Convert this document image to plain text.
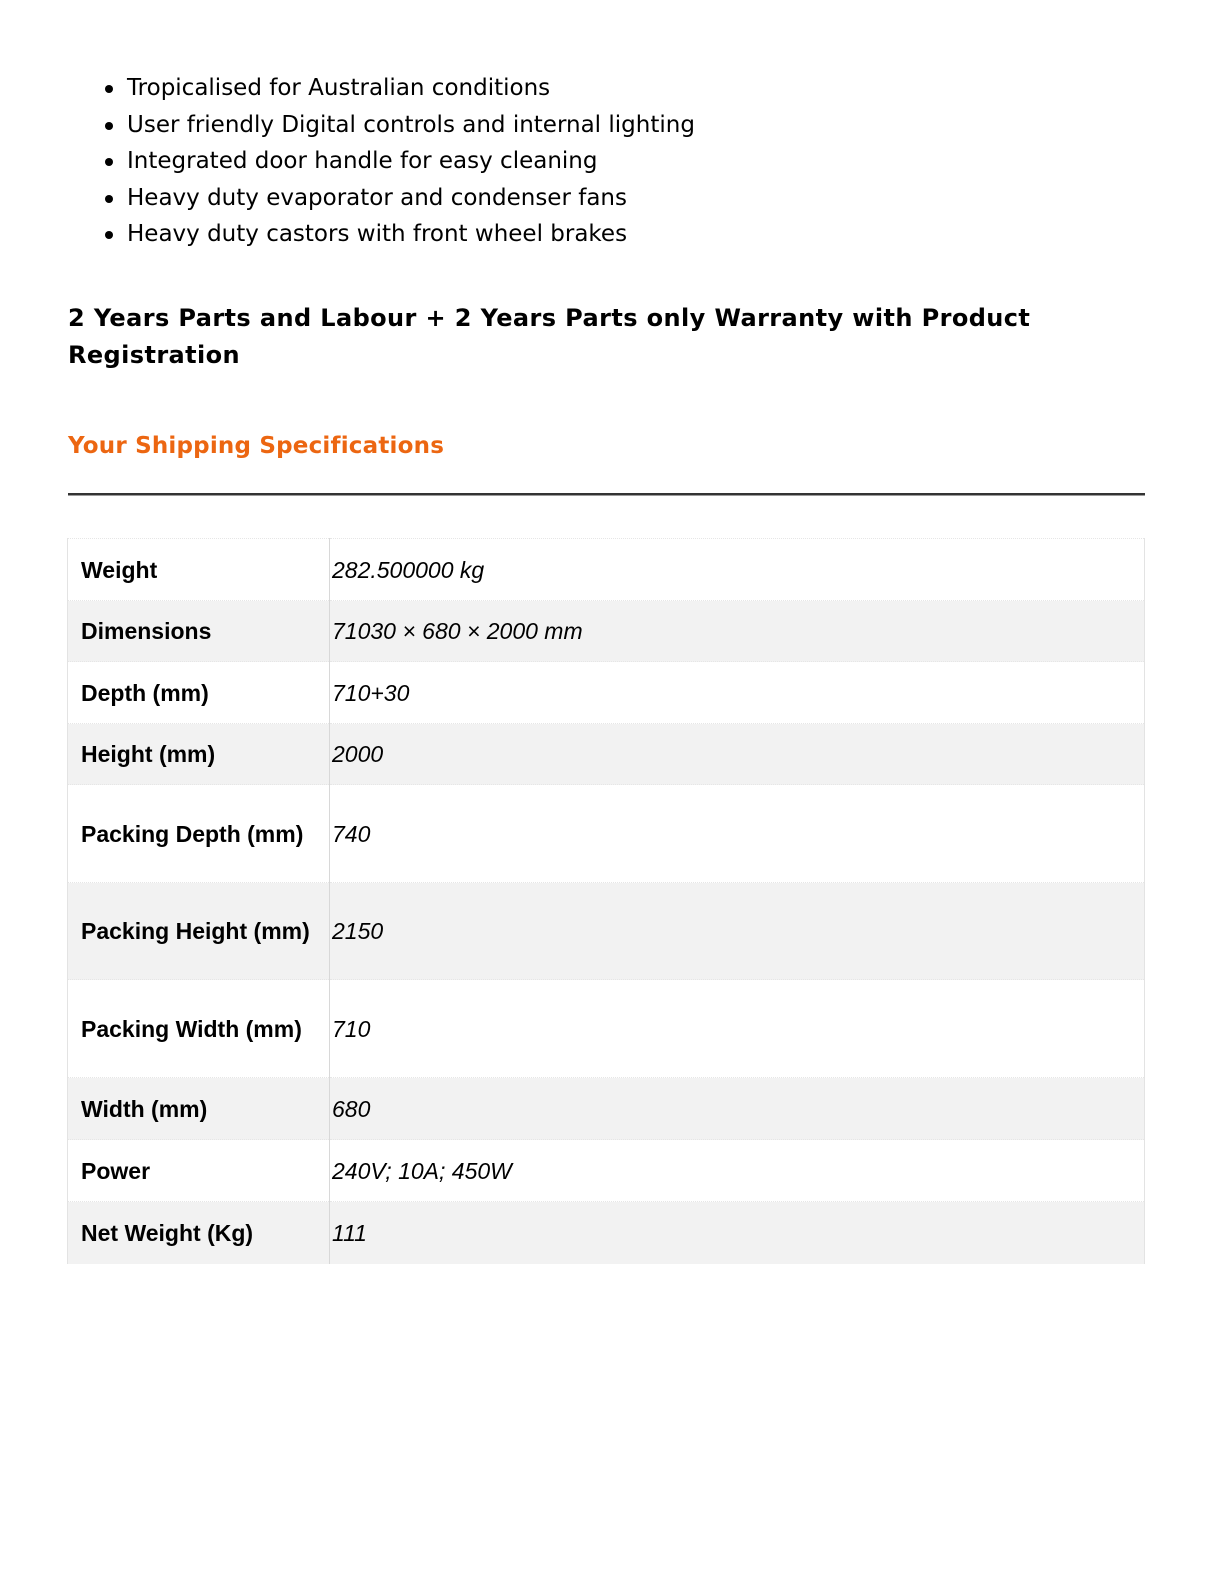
Tropicalised for Australian conditions
User friendly Digital controls and internal lighting
Integrated door handle for easy cleaning
Heavy duty evaporator and condenser fans
Heavy duty castors with front wheel brakes
2 Years Parts and Labour + 2 Years Parts only Warranty with Product Registration
Your Shipping Specifications
Weight	282.500000 kg
Dimensions	71030 × 680 × 2000 mm
Depth (mm)	710+30
Height (mm)	2000
Packing Depth (mm)	740
Packing Height (mm)	2150
Packing Width (mm)	710
Width (mm)	680
Power	240V; 10A; 450W
Net Weight (Kg)	111
